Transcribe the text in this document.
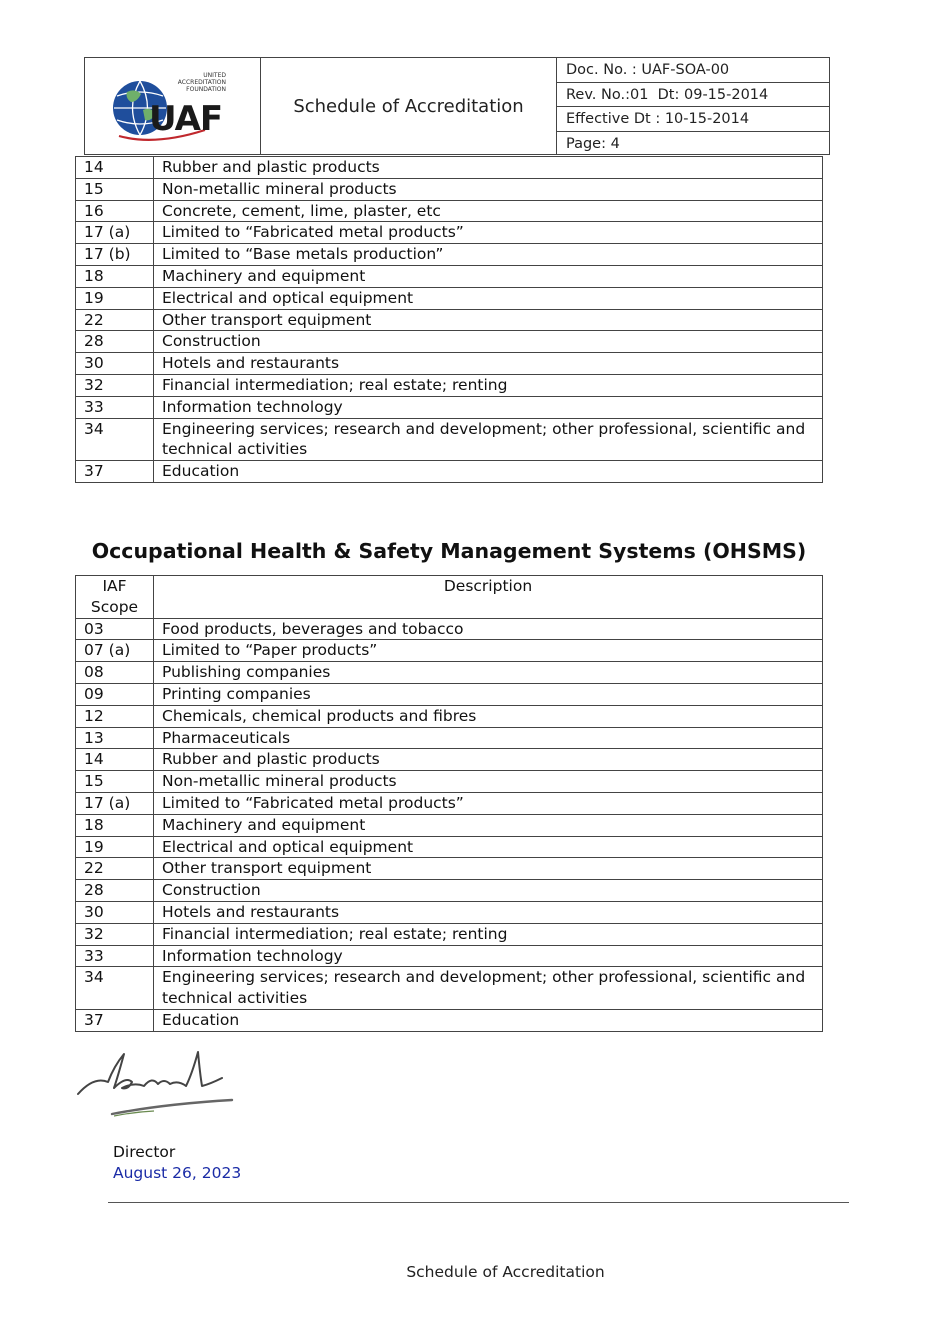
UAF
UNITED
ACCREDITATION
FOUNDATION
Schedule of Accreditation
Doc. No. : UAF-SOA-00
Rev. No.:01  Dt: 09-15-2014
Effective Dt : 10-15-2014
Page: 4
14	Rubber and plastic products
15	Non-metallic mineral products
16	Concrete, cement, lime, plaster, etc
17 (a)	Limited to “Fabricated metal products”
17 (b)	Limited to “Base metals production”
18	Machinery and equipment
19	Electrical and optical equipment
22	Other transport equipment
28	Construction
30	Hotels and restaurants
32	Financial intermediation; real estate; renting
33	Information technology
34	Engineering services; research and development; other professional, scientific and technical activities
37	Education
Occupational Health & Safety Management Systems (OHSMS)
IAF
Scope	Description
03	Food products, beverages and tobacco
07 (a)	Limited to “Paper products”
08	Publishing companies
09	Printing companies
12	Chemicals, chemical products and fibres
13	Pharmaceuticals
14	Rubber and plastic products
15	Non-metallic mineral products
17 (a)	Limited to “Fabricated metal products”
18	Machinery and equipment
19	Electrical and optical equipment
22	Other transport equipment
28	Construction
30	Hotels and restaurants
32	Financial intermediation; real estate; renting
33	Information technology
34	Engineering services; research and development; other professional, scientific and technical activities
37	Education
Director
August 26, 2023
Schedule of Accreditation
